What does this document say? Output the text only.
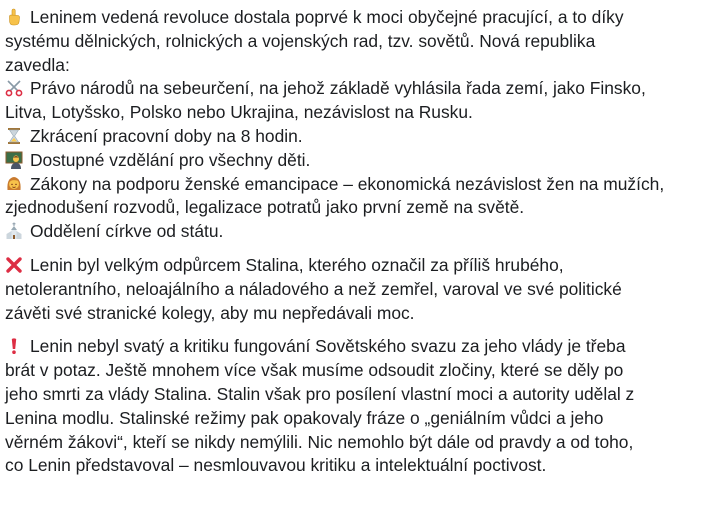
Leninem vedená revoluce dostala poprvé k moci obyčejné pracující, a to díky
systému dělnických, rolnických a vojenských rad, tzv. sovětů. Nová republika
zavedla:

Právo národů na sebeurčení, na jehož základě vyhlásila řada zemí, jako Finsko,
Litva, Lotyšsko, Polsko nebo Ukrajina, nezávislost na Rusku.
Zkrácení pracovní doby na 8 hodin.
Dostupné vzdělání pro všechny děti.
Zákony na podporu ženské emancipace – ekonomická nezávislost žen na mužích,
zjednodušení rozvodů, legalizace potratů jako první země na světě.
Oddělení církve od státu.

Lenin byl velkým odpůrcem Stalina, kterého označil za příliš hrubého,
netolerantního, neloajálního a náladového a než zemřel, varoval ve své politické
závěti své stranické kolegy, aby mu nepředávali moc.

Lenin nebyl svatý a kritiku fungování Sovětského svazu za jeho vlády je třeba
brát v potaz. Ještě mnohem více však musíme odsoudit zločiny, které se děly po
jeho smrti za vlády Stalina. Stalin však pro posílení vlastní moci a autority udělal z
Lenina modlu. Stalinské režimy pak opakovaly fráze o „geniálním vůdci a jeho
věrném žákovi“, kteří se nikdy nemýlili. Nic nemohlo být dále od pravdy a od toho,
co Lenin představoval – nesmlouvavou kritiku a intelektuální poctivost.
